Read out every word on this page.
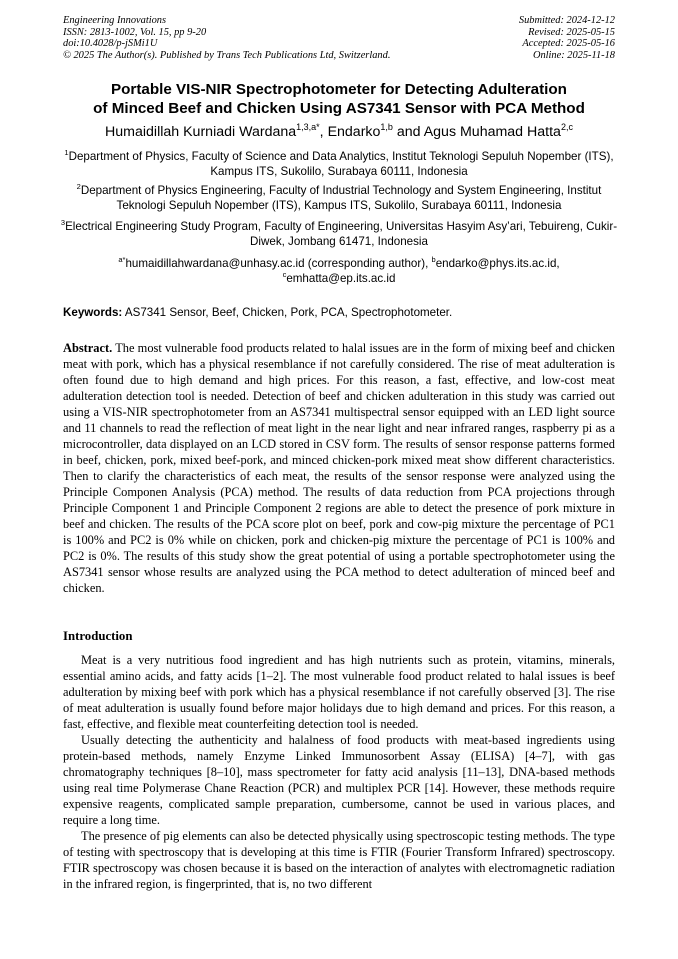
Engineering Innovations
ISSN: 2813-1002, Vol. 15, pp 9-20
doi:10.4028/p-jSMi1U
© 2025 The Author(s). Published by Trans Tech Publications Ltd, Switzerland.
Submitted: 2024-12-12
Revised: 2025-05-15
Accepted: 2025-05-16
Online: 2025-11-18
Portable VIS-NIR Spectrophotometer for Detecting Adulteration
of Minced Beef and Chicken Using AS7341 Sensor with PCA Method
Humaidillah Kurniadi Wardana$^{1,3,a*}$, Endarko$^{1,b}$ and Agus Muhamad Hatta$^{2,c}$
$^1$Department of Physics, Faculty of Science and Data Analytics, Institut Teknologi Sepuluh Nopember (ITS), Kampus ITS, Sukolilo, Surabaya 60111, Indonesia
$^2$Department of Physics Engineering, Faculty of Industrial Technology and System Engineering, Institut Teknologi Sepuluh Nopember (ITS), Kampus ITS, Sukolilo, Surabaya 60111, Indonesia
$^3$Electrical Engineering Study Program, Faculty of Engineering, Universitas Hasyim Asy’ari, Tebuireng, Cukir-Diwek, Jombang 61471, Indonesia
$^{a*}$humaidillahwardana@unhasy.ac.id (corresponding author), $^b$endarko@phys.its.ac.id,
$^c$emhatta@ep.its.ac.id
Keywords: AS7341 Sensor, Beef, Chicken, Pork, PCA, Spectrophotometer.
Abstract. The most vulnerable food products related to halal issues are in the form of mixing beef and chicken meat with pork, which has a physical resemblance if not carefully considered. The rise of meat adulteration is often found due to high demand and high prices. For this reason, a fast, effective, and low-cost meat adulteration detection tool is needed. Detection of beef and chicken adulteration in this study was carried out using a VIS-NIR spectrophotometer from an AS7341 multispectral sensor equipped with an LED light source and 11 channels to read the reflection of meat light in the near light and near infrared ranges, raspberry pi as a microcontroller, data displayed on an LCD stored in CSV form. The results of sensor response patterns formed in beef, chicken, pork, mixed beef-pork, and minced chicken-pork mixed meat show different characteristics. Then to clarify the characteristics of each meat, the results of the sensor response were analyzed using the Principle Componen Analysis (PCA) method. The results of data reduction from PCA projections through Principle Component 1 and Principle Component 2 regions are able to detect the presence of pork mixture in beef and chicken. The results of the PCA score plot on beef, pork and cow-pig mixture the percentage of PC1 is 100% and PC2 is 0% while on chicken, pork and chicken-pig mixture the percentage of PC1 is 100% and PC2 is 0%. The results of this study show the great potential of using a portable spectrophotometer using the AS7341 sensor whose results are analyzed using the PCA method to detect adulteration of minced beef and chicken.
Introduction

Meat is a very nutritious food ingredient and has high nutrients such as protein, vitamins, minerals, essential amino acids, and fatty acids [1–2]. The most vulnerable food product related to halal issues is beef adulteration by mixing beef with pork which has a physical resemblance if not carefully observed [3]. The rise of meat adulteration is usually found before major holidays due to high demand and prices. For this reason, a fast, effective, and flexible meat counterfeiting detection tool is needed.

Usually detecting the authenticity and halalness of food products with meat-based ingredients using protein-based methods, namely Enzyme Linked Immunosorbent Assay (ELISA) [4–7], with gas chromatography techniques [8–10], mass spectrometer for fatty acid analysis [11–13], DNA-based methods using real time Polymerase Chane Reaction (PCR) and multiplex PCR [14]. However, these methods require expensive reagents, complicated sample preparation, cumbersome, cannot be used in various places, and require a long time.

The presence of pig elements can also be detected physically using spectroscopic testing methods. The type of testing with spectroscopy that is developing at this time is FTIR (Fourier Transform Infrared) spectroscopy. FTIR spectroscopy was chosen because it is based on the interaction of analytes with electromagnetic radiation in the infrared region, is fingerprinted, that is, no two different
